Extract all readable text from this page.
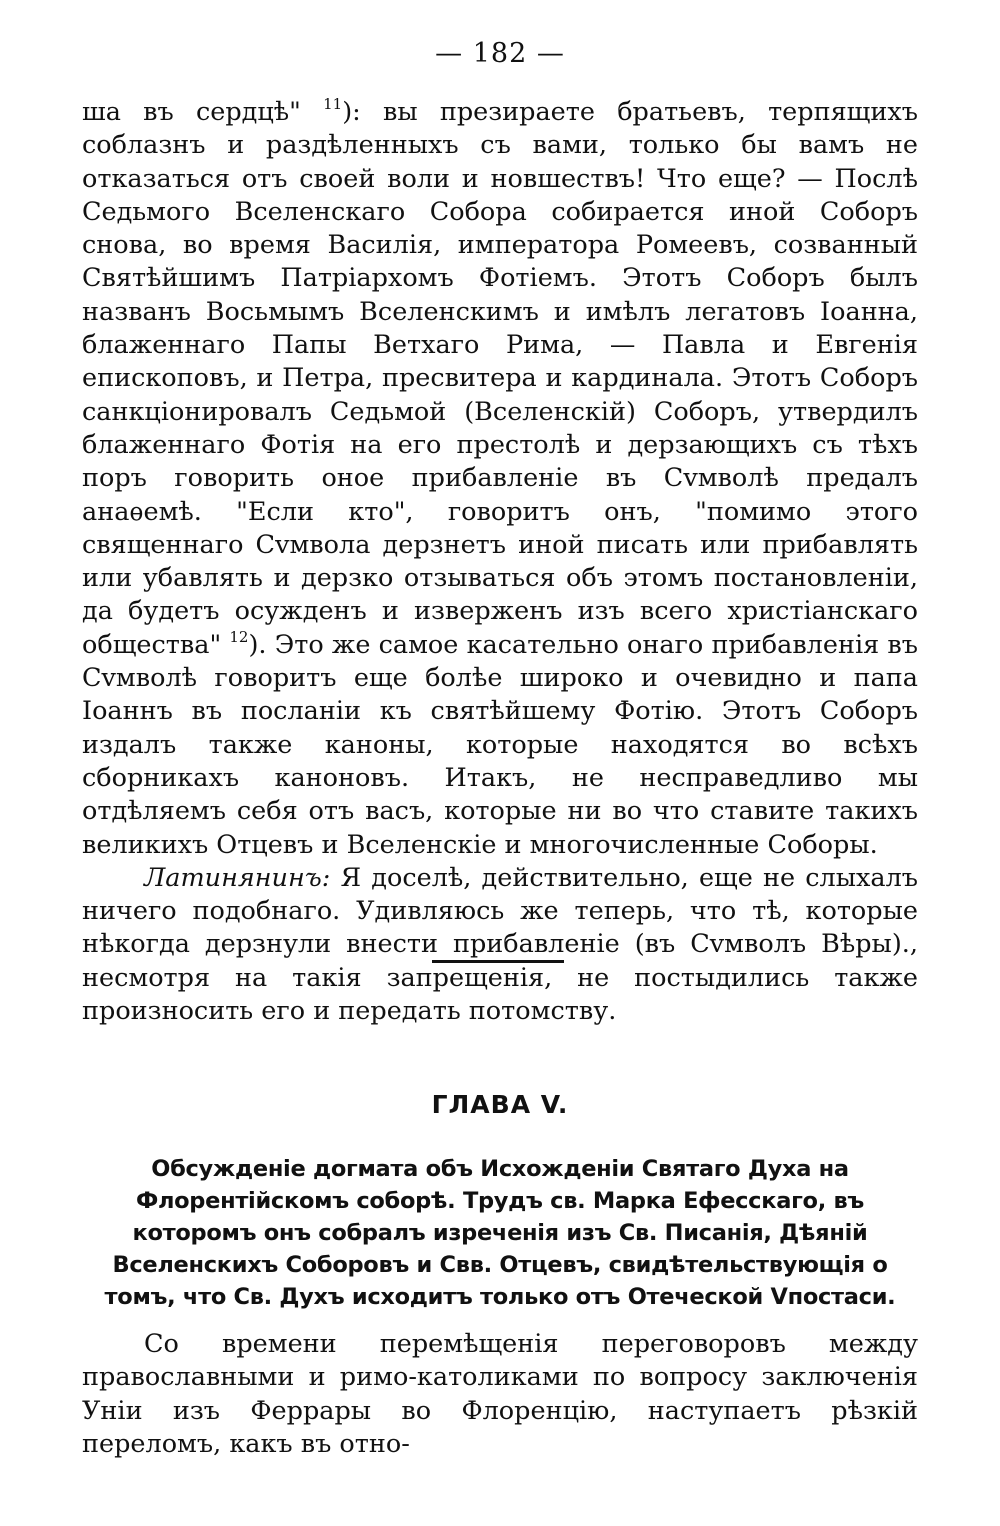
— 182 —

ша въ сердцѣ" $^{11}$): вы презираете братьевъ, терпящихъ соблазнъ и раздѣленныхъ съ вами, только бы вамъ не отказаться отъ своей воли и новшествъ! Что еще? — Послѣ Седьмого Вселенскаго Собора собирается иной Соборъ снова, во время Василія, императора Ромеевъ, созванный Святѣйшимъ Патріархомъ Фотіемъ. Этотъ Соборъ былъ названъ Восьмымъ Вселенскимъ и имѣлъ легатовъ Іоанна, блаженнаго Папы Ветхаго Рима, — Павла и Евгенія епископовъ, и Петра, пресвитера и кардинала. Этотъ Соборъ санкціонировалъ Седьмой (Вселенскій) Соборъ, утвердилъ блаженнаго Фотія на его престолѣ и дерзающихъ съ тѣхъ поръ говорить оное прибавленіе въ Сvмволѣ предалъ анаѳемѣ. "Если кто", говоритъ онъ, "помимо этого священнаго Сvмвола дерзнетъ иной писать или прибавлять или убавлять и дерзко отзываться объ этомъ постановленіи, да будетъ осужденъ и изверженъ изъ всего христіанскаго общества" $^{12}$). Это же самое касательно онаго прибавленія въ Сvмволѣ говоритъ еще болѣе широко и очевидно и папа Іоаннъ въ посланіи къ святѣйшему Фотію. Этотъ Соборъ издалъ также каноны, которые находятся во всѣхъ сборникахъ каноновъ. Итакъ, не несправедливо мы отдѣляемъ себя отъ васъ, которые ни во что ставите такихъ великихъ Отцевъ и Вселенскіе и многочисленные Соборы.

Латинянинъ: Я доселѣ, действительно, еще не слыхалъ ничего подобнаго. Удивляюсь же теперь, что тѣ, которые нѣкогда дерзнули внести прибавленіе (въ Сvмволъ Вѣры)., несмотря на такія запрещенія, не постыдились также произносить его и передать потомству.

ГЛАВА V.

Обсужденіе догмата объ Исхожденіи Святаго Духа на Флорентійскомъ соборѣ. Трудъ св. Марка Ефесскаго, въ которомъ онъ собралъ изреченія изъ Св. Писанія, Дѣяній Вселенскихъ Соборовъ и Свв. Отцевъ, свидѣтельствующія о томъ, что Св. Духъ исходитъ только отъ Отеческой Vпостаси.

Со времени перемѣщенія переговоровъ между православными и римо-католиками по вопросу заключенія Уніи изъ Феррары во Флоренцію, наступаетъ рѣзкій переломъ, какъ въ отно-
